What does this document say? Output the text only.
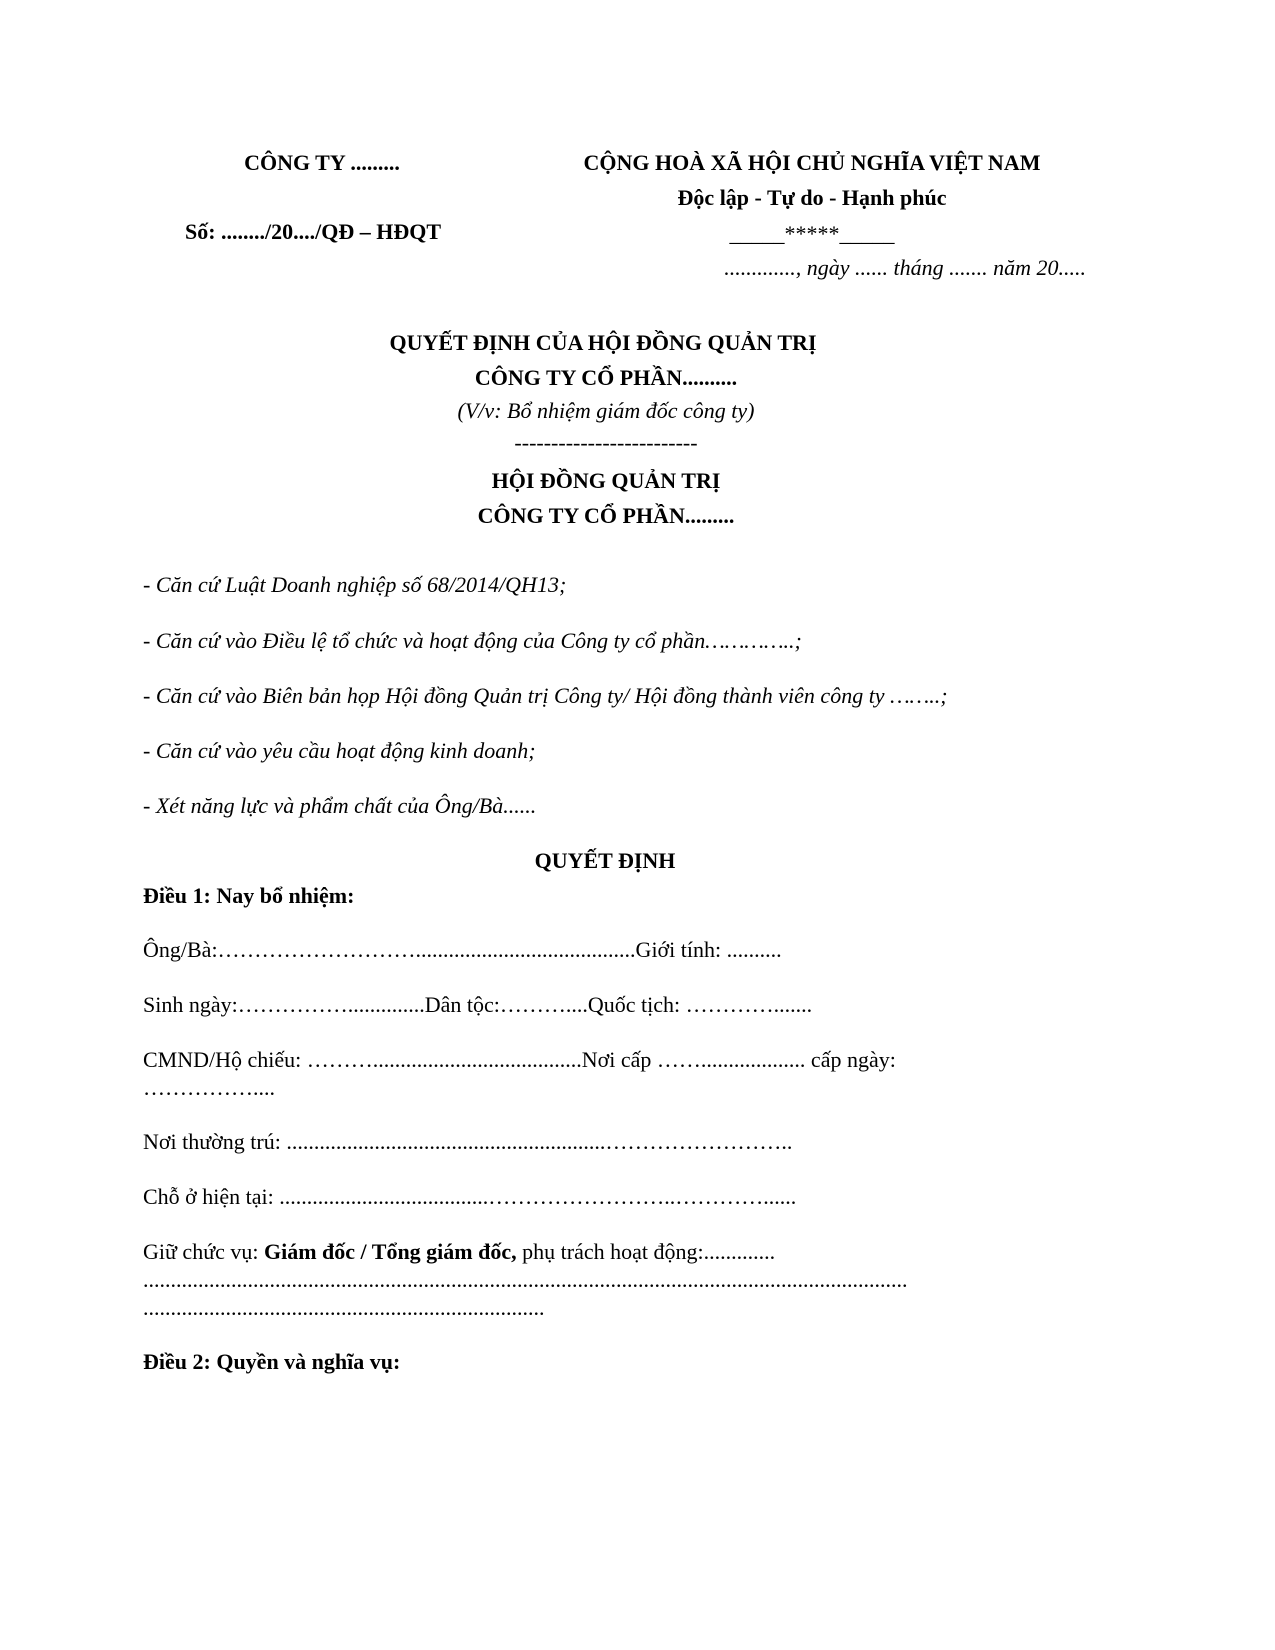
CÔNG TY .........	CỘNG HOÀ XÃ HỘI CHỦ NGHĨA VIỆT NAM
Độc lập - Tự do - Hạnh phúc
Số: ......../20..../QĐ – HĐQT	_____*****_____
............., ngày ...... tháng ....... năm 20.....
QUYẾT ĐỊNH CỦA HỘI ĐỒNG QUẢN TRỊ
CÔNG TY CỔ PHẦN..........
(V/v: Bổ nhiệm giám đốc công ty)
-------------------------
HỘI ĐỒNG QUẢN TRỊ
CÔNG TY CỔ PHẦN.........
- Căn cứ Luật Doanh nghiệp số 68/2014/QH13;
- Căn cứ vào Điều lệ tổ chức và hoạt động của Công ty cổ phần…………..;
- Căn cứ vào Biên bản họp Hội đồng Quản trị Công ty/ Hội đồng thành viên công ty ……..;
- Căn cứ vào yêu cầu hoạt động kinh doanh;
- Xét năng lực và phẩm chất của Ông/Bà......
QUYẾT ĐỊNH
Điều 1: Nay bổ nhiệm:
Ông/Bà:………………………........................................Giới tính: ..........
Sinh ngày:……………..............Dân tộc:………....Quốc tịch: ………….......
CMND/Hộ chiếu: ………......................................Nơi cấp ……................... cấp ngày:
……………....
Nơi thường trú: ..........................................................……………………..
Chỗ ở hiện tại: ......................................……………………..…………......
Giữ chức vụ: Giám đốc / Tổng giám đốc, phụ trách hoạt động:.............
...........................................................................................................................................
.........................................................................
Điều 2: Quyền và nghĩa vụ:
